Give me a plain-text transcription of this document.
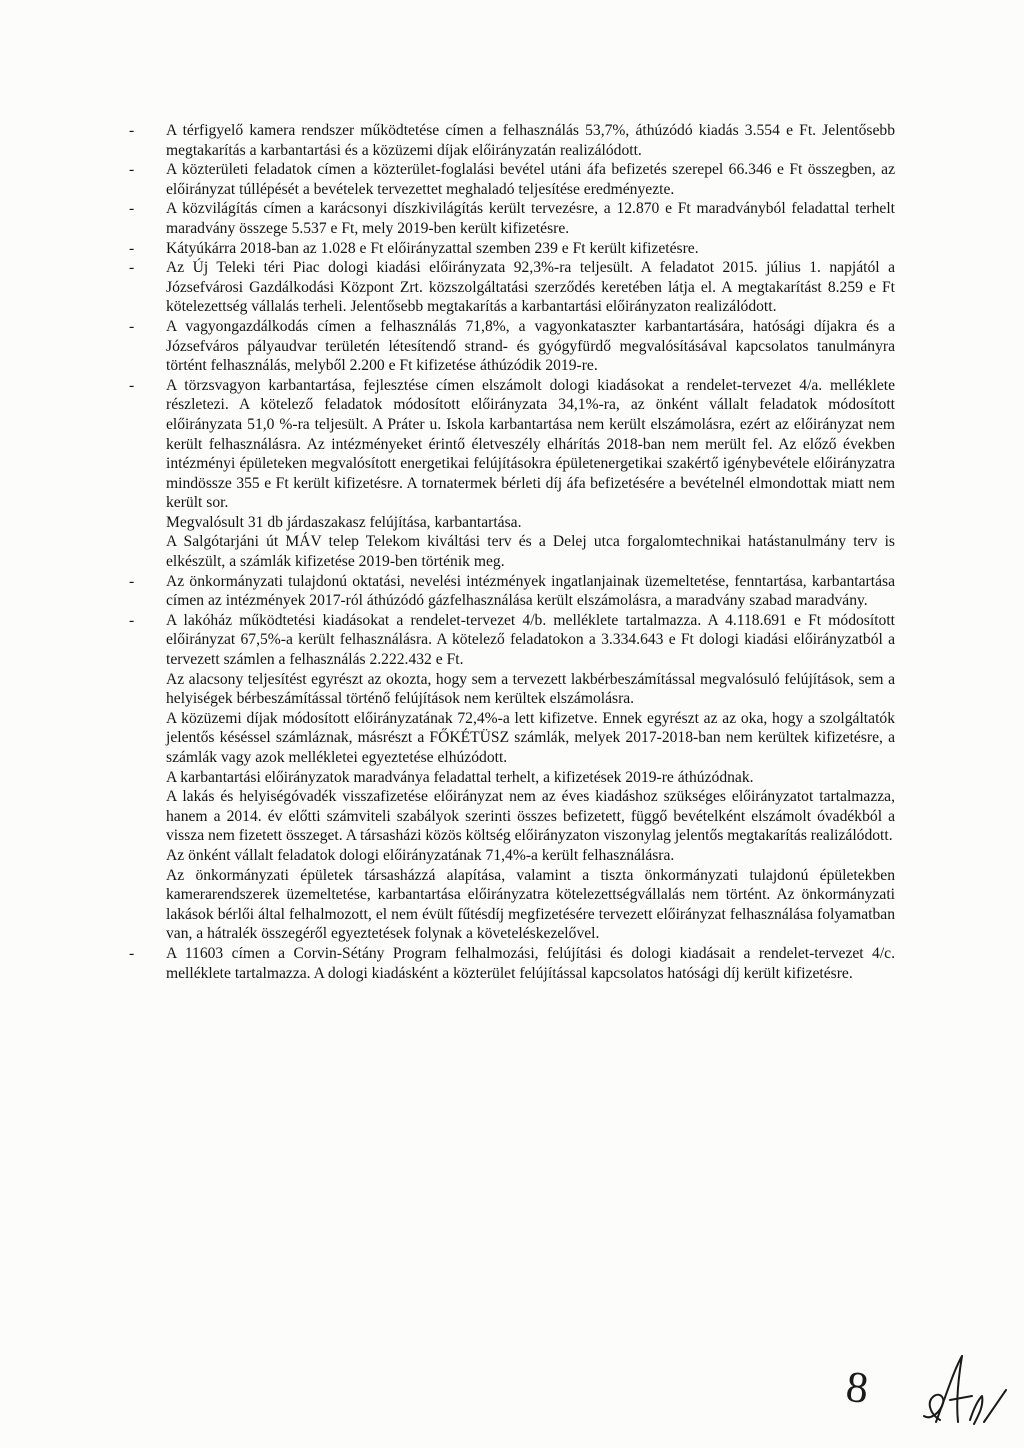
- A térfigyelő kamera rendszer működtetése címen a felhasználás 53,7%, áthúzódó kiadás 3.554 e Ft. Jelentősebb megtakarítás a karbantartási és a közüzemi díjak előirányzatán realizálódott.
- A közterületi feladatok címen a közterület-foglalási bevétel utáni áfa befizetés szerepel 66.346 e Ft összegben, az előirányzat túllépését a bevételek tervezettet meghaladó teljesítése eredményezte.
- A közvilágítás címen a karácsonyi díszkivilágítás került tervezésre, a 12.870 e Ft maradványból feladattal terhelt maradvány összege 5.537 e Ft, mely 2019-ben került kifizetésre.
- Kátyúkárra 2018-ban az 1.028 e Ft előirányzattal szemben 239 e Ft került kifizetésre.
- Az Új Teleki téri Piac dologi kiadási előirányzata 92,3%-ra teljesült. A feladatot 2015. július 1. napjától a Józsefvárosi Gazdálkodási Központ Zrt. közszolgáltatási szerződés keretében látja el. A megtakarítást 8.259 e Ft kötelezettség vállalás terheli. Jelentősebb megtakarítás a karbantartási előirányzaton realizálódott.
- A vagyongazdálkodás címen a felhasználás 71,8%, a vagyonkataszter karbantartására, hatósági díjakra és a Józsefváros pályaudvar területén létesítendő strand- és gyógyfürdő megvalósításával kapcsolatos tanulmányra történt felhasználás, melyből 2.200 e Ft kifizetése áthúzódik 2019-re.
- A törzsvagyon karbantartása, fejlesztése címen elszámolt dologi kiadásokat a rendelet-tervezet 4/a. melléklete részletezi. A kötelező feladatok módosított előirányzata 34,1%-ra, az önként vállalt feladatok módosított előirányzata 51,0 %-ra teljesült. A Práter u. Iskola karbantartása nem került elszámolásra, ezért az előirányzat nem került felhasználásra. Az intézményeket érintő életveszély elhárítás 2018-ban nem merült fel. Az előző években intézményi épületeken megvalósított energetikai felújításokra épületenergetikai szakértő igénybevétele előirányzatra mindössze 355 e Ft került kifizetésre. A tornatermek bérleti díj áfa befizetésére a bevételnél elmondottak miatt nem került sor.
Megvalósult 31 db járdaszakasz felújítása, karbantartása.
A Salgótarjáni út MÁV telep Telekom kiváltási terv és a Delej utca forgalomtechnikai hatástanulmány terv is elkészült, a számlák kifizetése 2019-ben történik meg.
- Az önkormányzati tulajdonú oktatási, nevelési intézmények ingatlanjainak üzemeltetése, fenntartása, karbantartása címen az intézmények 2017-ról áthúzódó gázfelhasználása került elszámolásra, a maradvány szabad maradvány.
- A lakóház működtetési kiadásokat a rendelet-tervezet 4/b. melléklete tartalmazza. A 4.118.691 e Ft módosított előirányzat 67,5%-a került felhasználásra. A kötelező feladatokon a 3.334.643 e Ft dologi kiadási előirányzatból a tervezett számlen a felhasználás 2.222.432 e Ft.
Az alacsony teljesítést egyrészt az okozta, hogy sem a tervezett lakbérbeszámítással megvalósuló felújítások, sem a helyiségek bérbeszámítással történő felújítások nem kerültek elszámolásra.
A közüzemi díjak módosított előirányzatának 72,4%-a lett kifizetve. Ennek egyrészt az az oka, hogy a szolgáltatók jelentős késéssel számláznak, másrészt a FŐKÉTÜSZ számlák, melyek 2017-2018-ban nem kerültek kifizetésre, a számlák vagy azok mellékletei egyeztetése elhúzódott.
A karbantartási előirányzatok maradványa feladattal terhelt, a kifizetések 2019-re áthúzódnak.
A lakás és helyiségóvadék visszafizetése előirányzat nem az éves kiadáshoz szükséges előirányzatot tartalmazza, hanem a 2014. év előtti számviteli szabályok szerinti összes befizetett, függő bevételként elszámolt óvadékból a vissza nem fizetett összeget. A társasházi közös költség előirányzaton viszonylag jelentős megtakarítás realizálódott.
Az önként vállalt feladatok dologi előirányzatának 71,4%-a került felhasználásra.
Az önkormányzati épületek társasházzá alapítása, valamint a tiszta önkormányzati tulajdonú épületekben kamerarendszerek üzemeltetése, karbantartása előirányzatra kötelezettségvállalás nem történt. Az önkormányzati lakások bérlői által felhalmozott, el nem évült fűtésdíj megfizetésére tervezett előirányzat felhasználása folyamatban van, a hátralék összegéről egyeztetések folynak a követeléskezelővel.
- A 11603 címen a Corvin-Sétány Program felhalmozási, felújítási és dologi kiadásait a rendelet-tervezet 4/c. melléklete tartalmazza. A dologi kiadásként a közterület felújítással kapcsolatos hatósági díj került kifizetésre.
8
